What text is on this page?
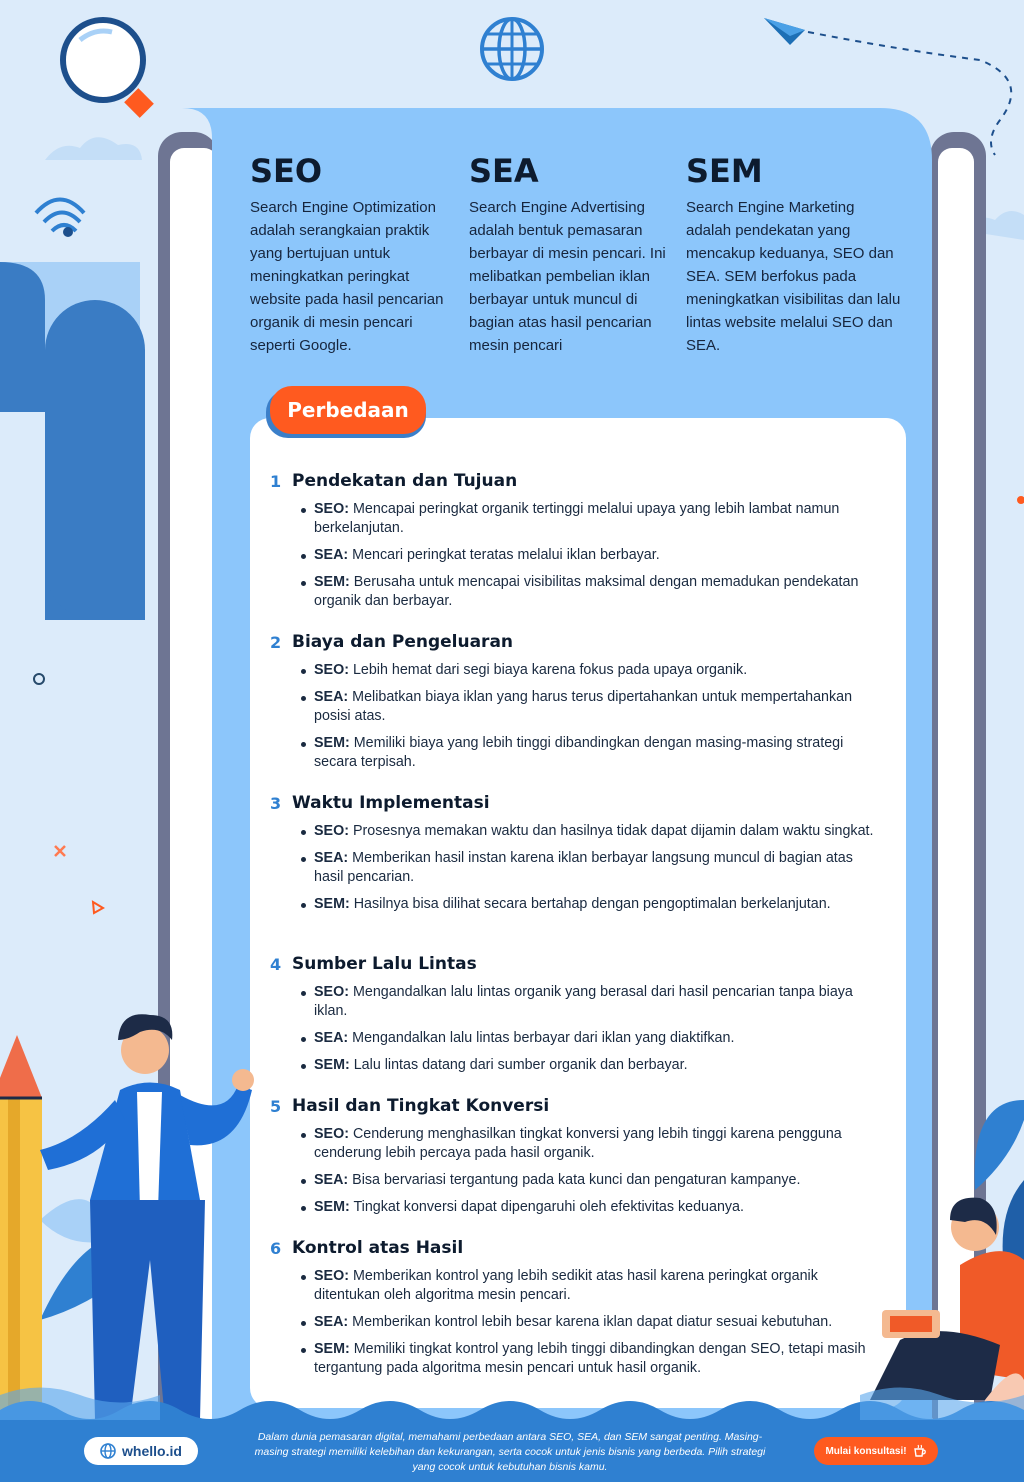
SEO
Search Engine Optimization adalah serangkaian praktik yang bertujuan untuk meningkatkan peringkat website pada hasil pencarian organik di mesin pencari seperti Google.
SEA
Search Engine Advertising adalah bentuk pemasaran berbayar di mesin pencari. Ini melibatkan pembelian iklan berbayar untuk muncul di bagian atas hasil pencarian mesin pencari
SEM
Search Engine Marketing adalah pendekatan yang mencakup keduanya, SEO dan SEA. SEM berfokus pada meningkatkan visibilitas dan lalu lintas website melalui SEO dan SEA.
Perbedaan
1 Pendekatan dan Tujuan
SEO: Mencapai peringkat organik tertinggi melalui upaya yang lebih lambat namun berkelanjutan.
SEA: Mencari peringkat teratas melalui iklan berbayar.
SEM: Berusaha untuk mencapai visibilitas maksimal dengan memadukan pendekatan organik dan berbayar.
2 Biaya dan Pengeluaran
SEO: Lebih hemat dari segi biaya karena fokus pada upaya organik.
SEA: Melibatkan biaya iklan yang harus terus dipertahankan untuk mempertahankan posisi atas.
SEM: Memiliki biaya yang lebih tinggi dibandingkan dengan masing-masing strategi secara terpisah.
3 Waktu Implementasi
SEO: Prosesnya memakan waktu dan hasilnya tidak dapat dijamin dalam waktu singkat.
SEA: Memberikan hasil instan karena iklan berbayar langsung muncul di bagian atas hasil pencarian.
SEM: Hasilnya bisa dilihat secara bertahap dengan pengoptimalan berkelanjutan.
4 Sumber Lalu Lintas
SEO: Mengandalkan lalu lintas organik yang berasal dari hasil pencarian tanpa biaya iklan.
SEA: Mengandalkan lalu lintas berbayar dari iklan yang diaktifkan.
SEM: Lalu lintas datang dari sumber organik dan berbayar.
5 Hasil dan Tingkat Konversi
SEO: Cenderung menghasilkan tingkat konversi yang lebih tinggi karena pengguna cenderung lebih percaya pada hasil organik.
SEA: Bisa bervariasi tergantung pada kata kunci dan pengaturan kampanye.
SEM: Tingkat konversi dapat dipengaruhi oleh efektivitas keduanya.
6 Kontrol atas Hasil
SEO: Memberikan kontrol yang lebih sedikit atas hasil karena peringkat organik ditentukan oleh algoritma mesin pencari.
SEA: Memberikan kontrol lebih besar karena iklan dapat diatur sesuai kebutuhan.
SEM: Memiliki tingkat kontrol yang lebih tinggi dibandingkan dengan SEO, tetapi masih tergantung pada algoritma mesin pencari untuk hasil organik.
whello.id
Dalam dunia pemasaran digital, memahami perbedaan antara SEO, SEA, dan SEM sangat penting. Masing-masing strategi memiliki kelebihan dan kekurangan, serta cocok untuk jenis bisnis yang berbeda. Pilih strategi yang cocok untuk kebutuhan bisnis kamu.
Mulai konsultasi!
